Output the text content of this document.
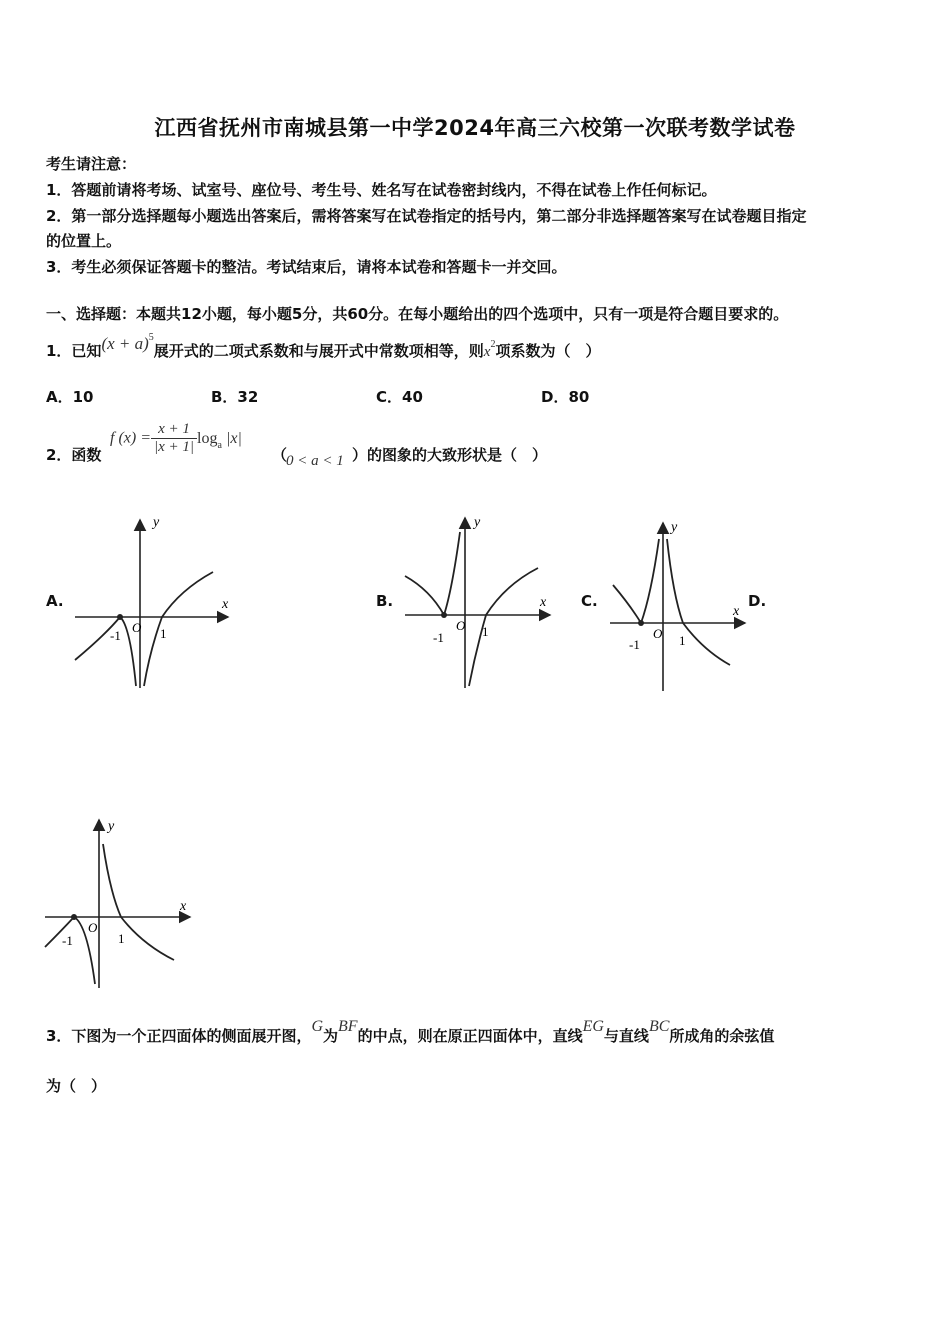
江西省抚州市南城县第一中学2024年高三六校第一次联考数学试卷
考生请注意：
1．答题前请将考场、试室号、座位号、考生号、姓名写在试卷密封线内，不得在试卷上作任何标记。
2．第一部分选择题每小题选出答案后，需将答案写在试卷指定的括号内，第二部分非选择题答案写在试卷题目指定
的位置上。
3．考生必须保证答题卡的整洁。考试结束后，请将本试卷和答题卡一并交回。
一、选择题：本题共12小题，每小题5分，共60分。在每小题给出的四个选项中，只有一项是符合题目要求的。
1．已知$(x + a)^5$展开式的二项式系数和与展开式中常数项相等，则$x^2$项系数为（　）
A．10	B．32	C．40	D．80
2．函数
f $(x) = \frac{x + 1}{|x + 1|} \log_a |x|$
（
0 < a < 1 ）的图象的大致形状是（　）
A.	B.	C.	D.
y
x
-1
O 1
y
x
-1
O 1
y
x
-1
O 1
y
x
-1
O
1
3．下图为一个正四面体的侧面展开图，G为BF的中点，则在原正四面体中，直线EG与直线BC所成角的余弦值
为（　）
